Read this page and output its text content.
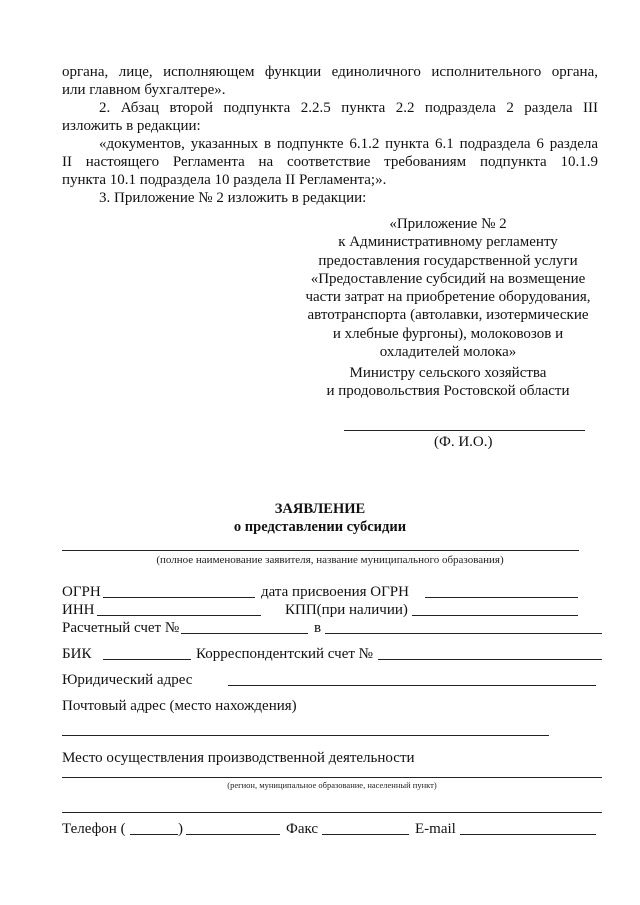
органа, лице, исполняющем функции единоличного исполнительного органа,
или главном бухгалтере».
2. Абзац второй подпункта 2.2.5 пункта 2.2 подраздела 2 раздела III
изложить в редакции:
«документов, указанных в подпункте 6.1.2 пункта 6.1 подраздела 6 раздела
II настоящего Регламента на соответствие требованиям подпункта 10.1.9
пункта 10.1 подраздела 10 раздела II Регламента;».
3. Приложение № 2 изложить в редакции:
«Приложение № 2
к Административному регламенту
предоставления государственной услуги
«Предоставление субсидий на возмещение
части затрат на приобретение оборудования,
автотранспорта (автолавки, изотермические
и хлебные фургоны), молоковозов и
охладителей молока»
Министру сельского хозяйства
и продовольствия Ростовской области
(Ф. И.О.)
ЗАЯВЛЕНИЕ
о представлении субсидии
(полное наименование заявителя, название муниципального образования)
ОГРН	дата присвоения ОГРН
ИНН	КПП(при наличии)
Расчетный счет №	в
БИК	Корреспондентский счет №
Юридический адрес
Почтовый адрес (место нахождения)
Место осуществления производственной деятельности
(регион, муниципальное образование, населенный пункт)
Телефон (	)	Факс	E-mail
